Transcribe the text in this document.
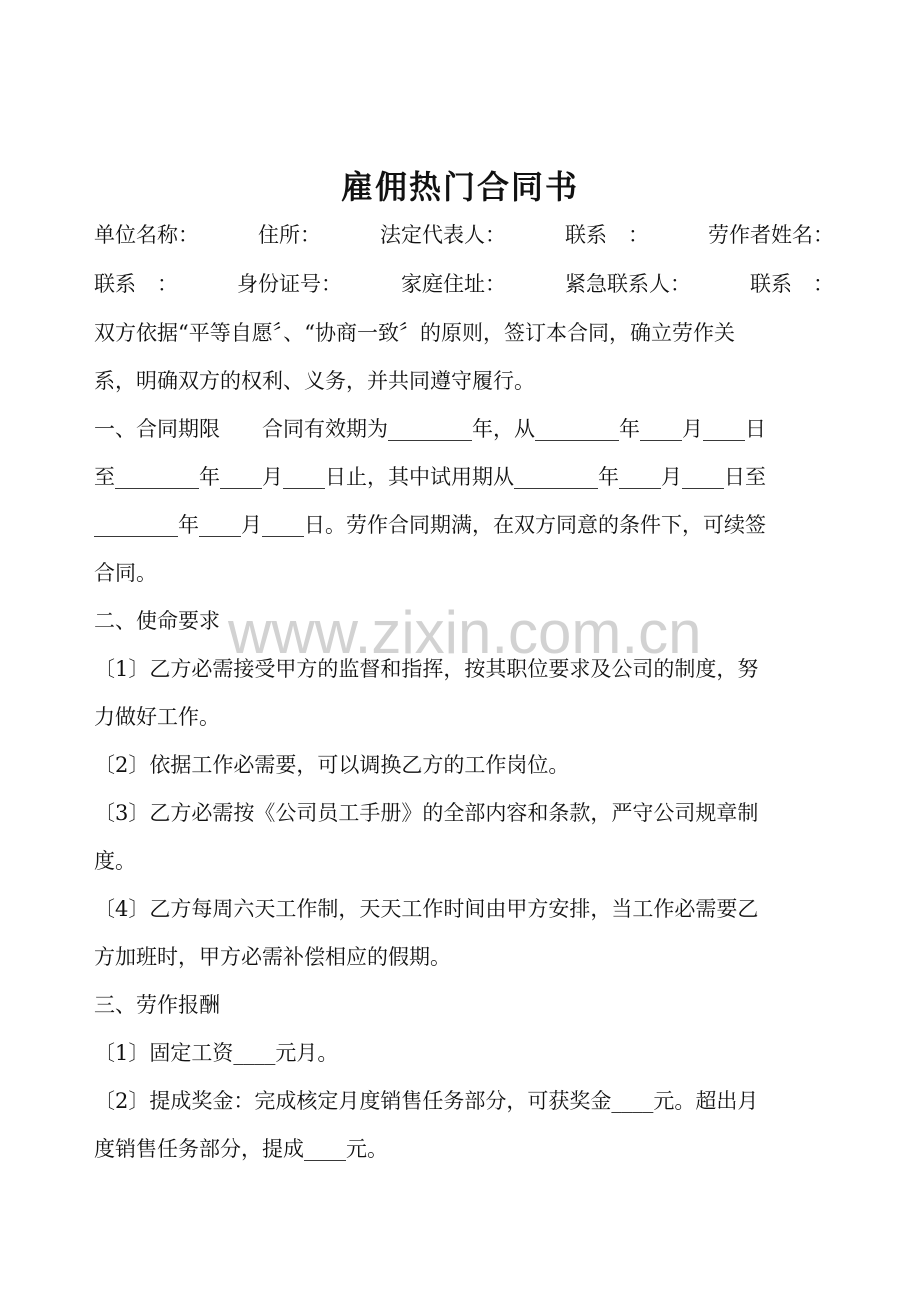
www.zixin.com.cn
雇佣热门合同书
单位名称：	住所：	法定代表人：	联系　：	劳作者姓名：
联系　：	身份证号：	家庭住址：	紧急联系人：	联系　：
双方依据“平等自愿〞、“协商一致〞的原则，签订本合同，确立劳作关
系，明确双方的权利、义务，并共同遵守履行。
一、合同期限　　合同有效期为________年，从________年____月____日
至________年____月____日止，其中试用期从________年____月____日至
________年____月____日。劳作合同期满，在双方同意的条件下，可续签
合同。
二、使命要求
〔1〕乙方必需接受甲方的监督和指挥，按其职位要求及公司的制度，努
力做好工作。
〔2〕依据工作必需要，可以调换乙方的工作岗位。
〔3〕乙方必需按《公司员工手册》的全部内容和条款，严守公司规章制
度。
〔4〕乙方每周六天工作制，天天工作时间由甲方安排，当工作必需要乙
方加班时，甲方必需补偿相应的假期。
三、劳作报酬
〔1〕固定工资____元月。
〔2〕提成奖金：完成核定月度销售任务部分，可获奖金____元。超出月
度销售任务部分，提成____元。
